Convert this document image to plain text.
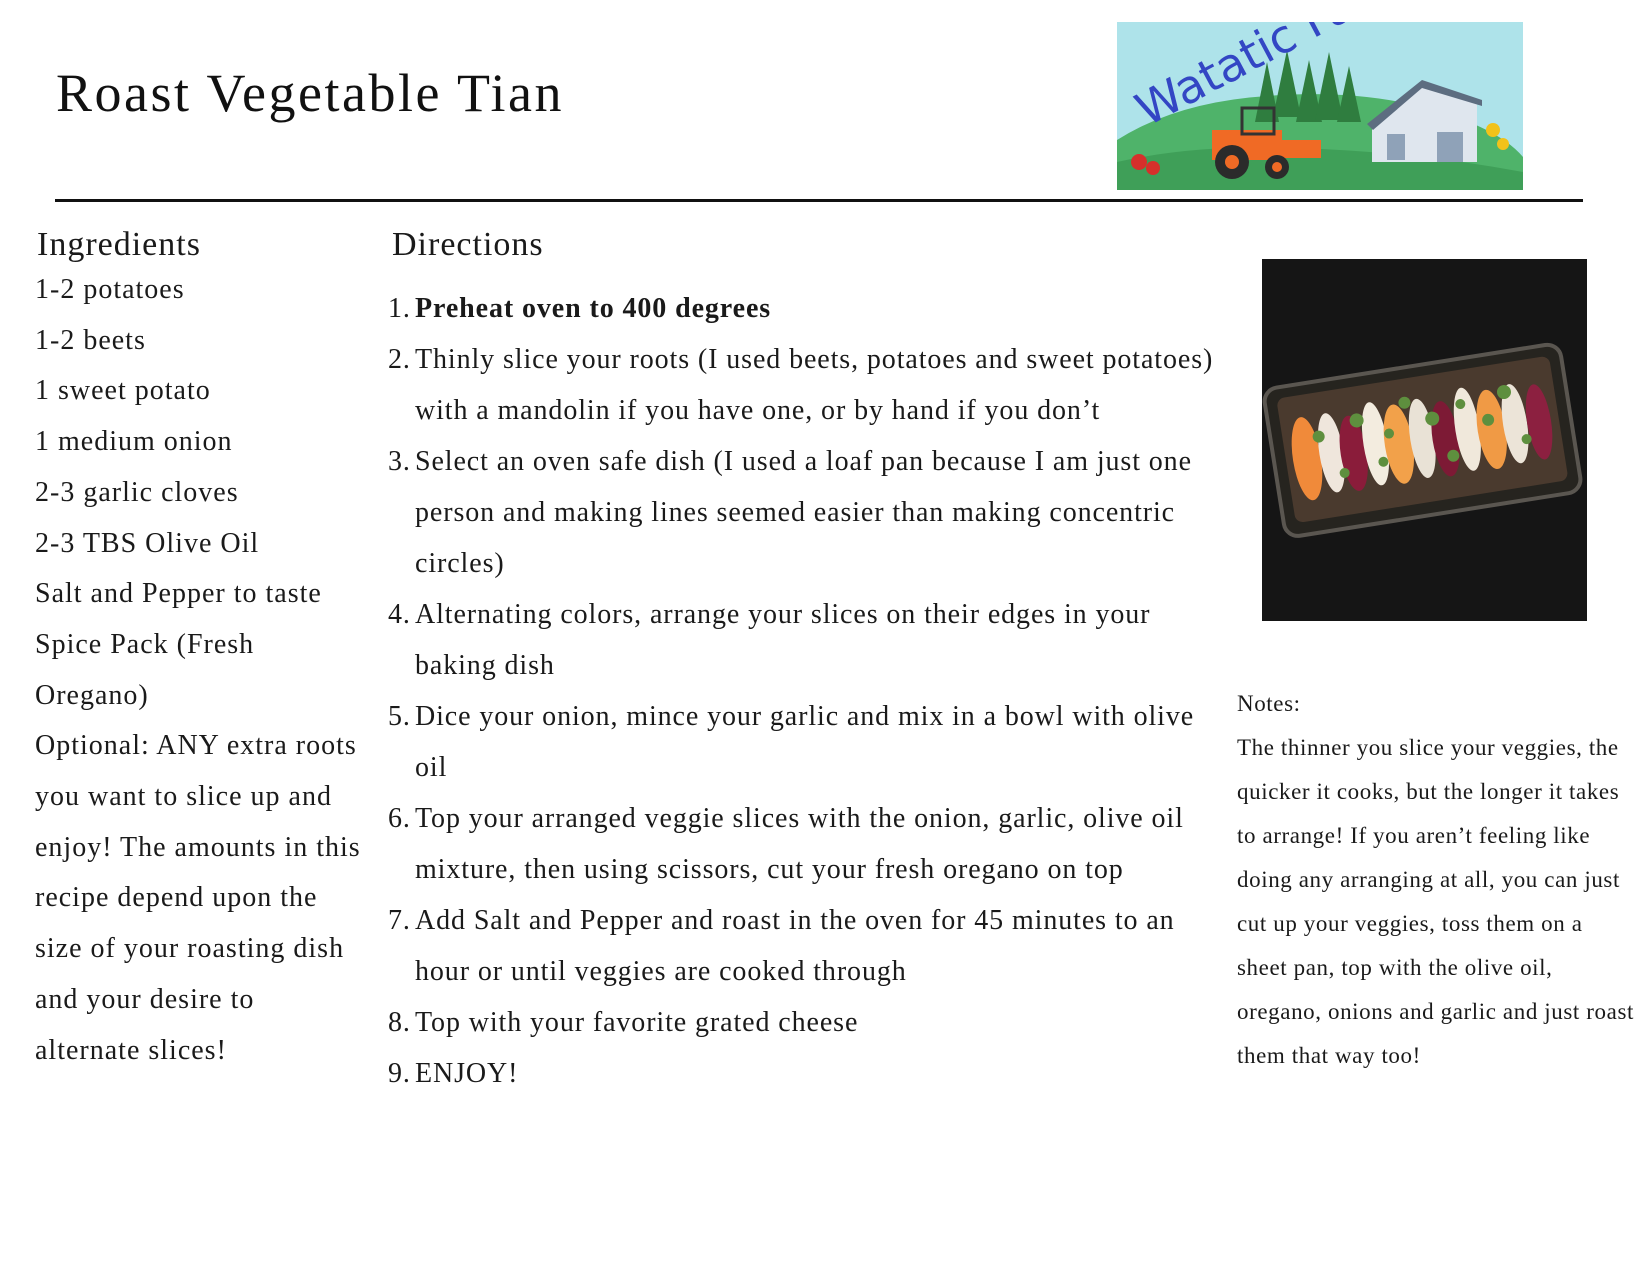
Roast Vegetable Tian
Ingredients
1-2 potatoes
1-2 beets
1 sweet potato
1 medium onion
2-3 garlic cloves
2-3 TBS Olive Oil
Salt and Pepper to taste
Spice Pack (Fresh Oregano)
Optional: ANY extra roots you want to slice up and enjoy! The amounts in this recipe depend upon the size of your roasting dish and your desire to alternate slices!
Directions
1. Preheat oven to 400 degrees
2. Thinly slice your roots (I used beets, potatoes and sweet potatoes) with a mandolin if you have one, or by hand if you don’t
3. Select an oven safe dish (I used a loaf pan because I am just one person and making lines seemed easier than making concentric circles)
4. Alternating colors, arrange your slices on their edges in your baking dish
5. Dice your onion, mince your garlic and mix in a bowl with olive oil
6. Top your arranged veggie slices with the onion, garlic, olive oil mixture, then using scissors, cut your fresh oregano on top
7. Add Salt and Pepper and roast in the oven for 45 minutes to an hour or until veggies are cooked through
8. Top with your favorite grated cheese
9. ENJOY!
Notes:
The thinner you slice your veggies, the quicker it cooks, but the longer it takes to arrange! If you aren’t feeling like doing any arranging at all, you can just cut up your veggies, toss them on a sheet pan, top with the olive oil, oregano, onions and garlic and just roast them that way too!
